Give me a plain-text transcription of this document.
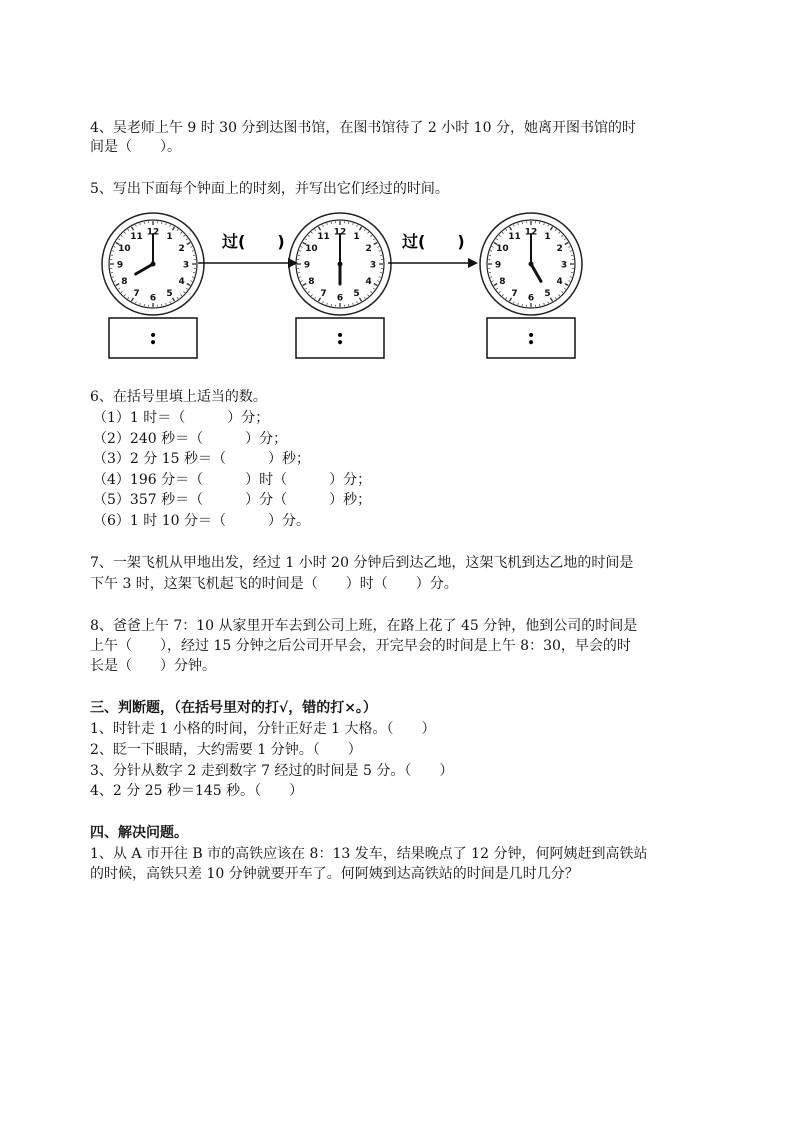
4、吴老师上午 9 时 30 分到达图书馆，在图书馆待了 2 小时 10 分，她离开图书馆的时
间是（　　）。
5、写出下面每个钟面上的时刻，并写出它们经过的时间。
12 1
2
3
4
5
6
7
8
9
10
11	12 1
2
3
4
5
6
7
8
9
10
11	12 1
2
3
4
5
6
7
8
9
10
11
过(　　)	过(　　)
:	:	:
6、在括号里填上适当的数。
（1）1 时＝（　　　）分；
（2）240 秒＝（　　　）分；
（3）2 分 15 秒＝（　　　）秒；
（4）196 分＝（　　　）时（　　　）分；
（5）357 秒＝（　　　）分（　　　）秒；
（6）1 时 10 分＝（　　　）分。
7、一架飞机从甲地出发，经过 1 小时 20 分钟后到达乙地，这架飞机到达乙地的时间是
下午 3 时，这架飞机起飞的时间是（　　）时（　　）分。
8、爸爸上午 7：10 从家里开车去到公司上班，在路上花了 45 分钟，他到公司的时间是
上午（　　），经过 15 分钟之后公司开早会，开完早会的时间是上午 8：30，早会的时
长是（　　）分钟。
三、判断题，（在括号里对的打√，错的打×。）
1、时针走 1 小格的时间，分针正好走 1 大格。（　　）
2、眨一下眼睛，大约需要 1 分钟。（　　）
3、分针从数字 2 走到数字 7 经过的时间是 5 分。（　　）
4、2 分 25 秒＝145 秒。（　　）
四、解决问题。
1、从 A 市开往 B 市的高铁应该在 8：13 发车，结果晚点了 12 分钟，何阿姨赶到高铁站
的时候，高铁只差 10 分钟就要开车了。何阿姨到达高铁站的时间是几时几分？
